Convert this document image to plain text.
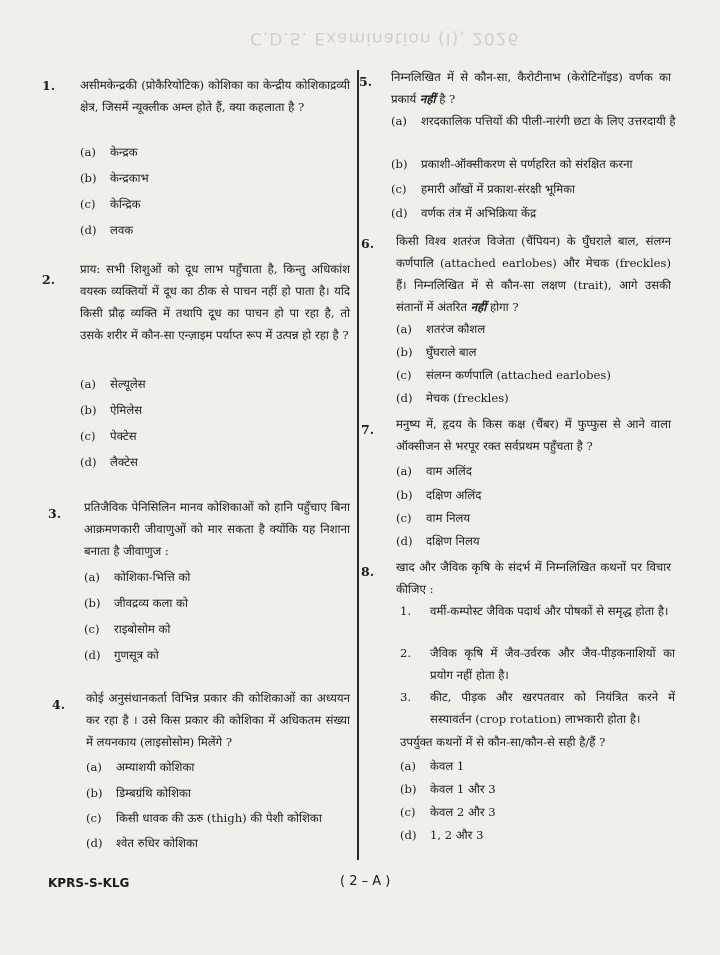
C.D.S. Examination (I), 2026
1. असीमकेन्द्रकी (प्रोकैरियोटिक) कोशिका का केन्द्रीय कोशिकाद्रव्यी क्षेत्र, जिसमें न्यूक्लीक अम्ल होते हैं, क्या कहलाता है ?
(a) केन्द्रक
(b) केन्द्रकाभ
(c) केन्द्रिक
(d) लवक
2.
प्राय: सभी शिशुओं को दूध लाभ पहुँचाता है, किन्तु अधिकांश वयस्क व्यक्तियों में दूध का ठीक से पाचन नहीं हो पाता है। यदि किसी प्रौढ़ व्यक्ति में तथापि दूध का पाचन हो पा रहा है, तो उसके शरीर में कौन-सा एन्ज़ाइम पर्याप्त रूप में उत्पन्न हो रहा है ?
(a) सेल्यूलेस
(b) ऐमिलेस
(c) पेक्टेस
(d) लैक्टेस
3. प्रतिजैविक पेनिसिलिन मानव कोशिकाओं को हानि पहुँचाए बिना आक्रमणकारी जीवाणुओं को मार सकता है क्योंकि यह निशाना बनाता है जीवाणुज :
(a) कोशिका-भित्ति को
(b) जीवद्रव्य कला को
(c) राइबोसोम को
(d) गुणसूत्र को
4. कोई अनुसंधानकर्ता विभिन्न प्रकार की कोशिकाओं का अध्ययन कर रहा है । उसे किस प्रकार की कोशिका में अधिकतम संख्या में लयनकाय (लाइसोसोम) मिलेंगे ?
(a) अम्याशयी कोशिका
(b) डिम्बग्रंथि कोशिका
(c) किसी धावक की ऊरु (thigh) की पेशी कोशिका
(d) श्वेत रुधिर कोशिका
5. निम्नलिखित में से कौन-सा, कैरोटीनाभ (केरोटिनॉइड) वर्णक का प्रकार्य नहीं है ?
(a) शरदकालिक पत्तियों की पीली-नारंगी छटा के लिए उत्तरदायी है
(b) प्रकाशी-ऑक्सीकरण से पर्णहरित को संरक्षित करना
(c) हमारी आँखों में प्रकाश-संरक्षी भूमिका
(d) वर्णक तंत्र में अभिक्रिया केंद्र
6. किसी विश्व शतरंज विजेता (चैंपियन) के घुँघराले बाल, संलग्न कर्णपालि (attached earlobes) और मेचक (freckles) हैं। निम्नलिखित में से कौन-सा लक्षण (trait), आगे उसकी संतानों में अंतरित नहीं होगा ?
(a) शतरंज कौशल
(b) घुँघराले बाल
(c) संलग्न कर्णपालि (attached earlobes)
(d) मेचक (freckles)
7. मनुष्य में, हृदय के किस कक्ष (चैंबर) में फुप्फुस से आने वाला ऑक्सीजन से भरपूर रक्त सर्वप्रथम पहुँचता है ?
(a) वाम अलिंद
(b) दक्षिण अलिंद
(c) वाम निलय
(d) दक्षिण निलय
8. खाद और जैविक कृषि के संदर्भ में निम्नलिखित कथनों पर विचार कीजिए :
1. वर्मी-कम्पोस्ट जैविक पदार्थ और पोषकों से समृद्ध होता है।
2. जैविक कृषि में जैव-उर्वरक और जैव-पीड़कनाशियों का प्रयोग नहीं होता है।
3. कीट, पीड़क और खरपतवार को नियंत्रित करने में सस्यावर्तन (crop rotation) लाभकारी होता है।
उपर्युक्त कथनों में से कौन-सा/कौन-से सही है/हैं ?
(a) केवल 1
(b) केवल 1 और 3
(c) केवल 2 और 3
(d) 1, 2 और 3
KPRS-S-KLG	( 2 – A )
